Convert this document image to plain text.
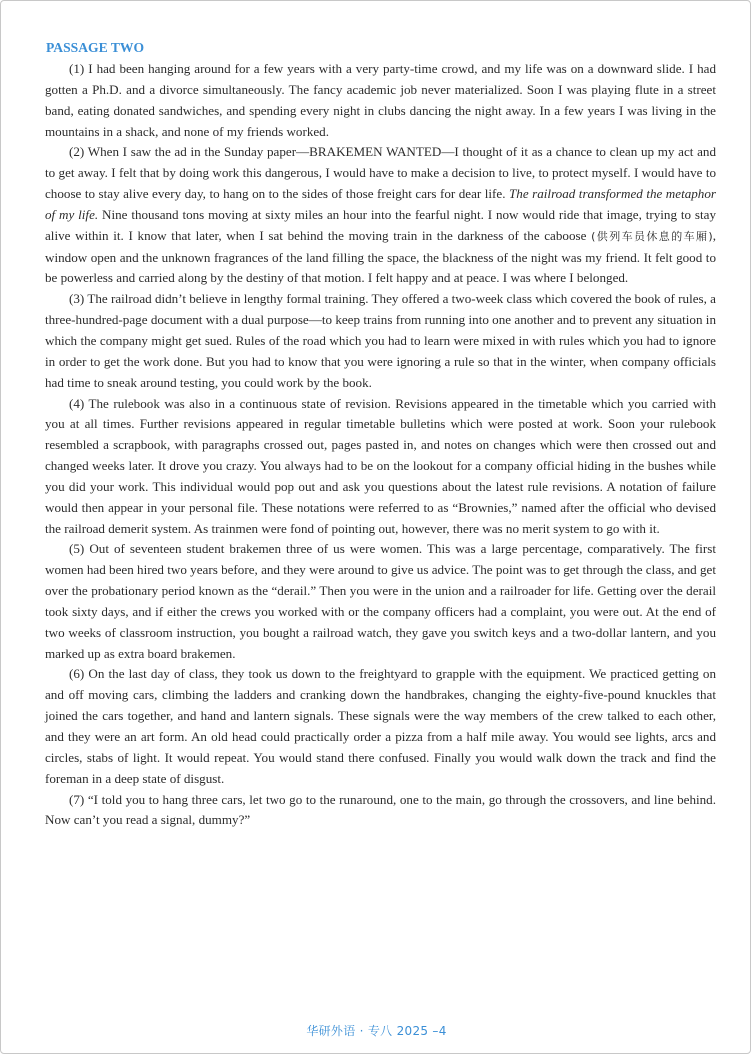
PASSAGE TWO

(1) I had been hanging around for a few years with a very party-time crowd, and my life was on a downward slide. I had gotten a Ph.D. and a divorce simultaneously. The fancy academic job never materialized. Soon I was playing flute in a street band, eating donated sandwiches, and spending every night in clubs dancing the night away. In a few years I was living in the mountains in a shack, and none of my friends worked.

(2) When I saw the ad in the Sunday paper—BRAKEMEN WANTED—I thought of it as a chance to clean up my act and to get away. I felt that by doing work this dangerous, I would have to make a decision to live, to protect myself. I would have to choose to stay alive every day, to hang on to the sides of those freight cars for dear life. The railroad transformed the metaphor of my life. Nine thousand tons moving at sixty miles an hour into the fearful night. I now would ride that image, trying to stay alive within it. I know that later, when I sat behind the moving train in the darkness of the caboose (供列车员休息的车厢), window open and the unknown fragrances of the land filling the space, the blackness of the night was my friend. It felt good to be powerless and carried along by the destiny of that motion. I felt happy and at peace. I was where I belonged.

(3) The railroad didn’t believe in lengthy formal training. They offered a two-week class which covered the book of rules, a three-hundred-page document with a dual purpose—to keep trains from running into one another and to prevent any situation in which the company might get sued. Rules of the road which you had to learn were mixed in with rules which you had to ignore in order to get the work done. But you had to know that you were ignoring a rule so that in the winter, when company officials had time to sneak around testing, you could work by the book.

(4) The rulebook was also in a continuous state of revision. Revisions appeared in the timetable which you carried with you at all times. Further revisions appeared in regular timetable bulletins which were posted at work. Soon your rulebook resembled a scrapbook, with paragraphs crossed out, pages pasted in, and notes on changes which were then crossed out and changed weeks later. It drove you crazy. You always had to be on the lookout for a company official hiding in the bushes while you did your work. This individual would pop out and ask you questions about the latest rule revisions. A notation of failure would then appear in your personal file. These notations were referred to as “Brownies,” named after the official who devised the railroad demerit system. As trainmen were fond of pointing out, however, there was no merit system to go with it.

(5) Out of seventeen student brakemen three of us were women. This was a large percentage, comparatively. The first women had been hired two years before, and they were around to give us advice. The point was to get through the class, and get over the probationary period known as the “derail.” Then you were in the union and a railroader for life. Getting over the derail took sixty days, and if either the crews you worked with or the company officers had a complaint, you were out. At the end of two weeks of classroom instruction, you bought a railroad watch, they gave you switch keys and a two-dollar lantern, and you marked up as extra board brakemen.

(6) On the last day of class, they took us down to the freightyard to grapple with the equipment. We practiced getting on and off moving cars, climbing the ladders and cranking down the handbrakes, changing the eighty-five-pound knuckles that joined the cars together, and hand and lantern signals. These signals were the way members of the crew talked to each other, and they were an art form. An old head could practically order a pizza from a half mile away. You would see lights, arcs and circles, stabs of light. It would repeat. You would stand there confused. Finally you would walk down the track and find the foreman in a deep state of disgust.

(7) “I told you to hang three cars, let two go to the runaround, one to the main, go through the crossovers, and line behind. Now can’t you read a signal, dummy?”

华研外语 · 专八 2025 –4
